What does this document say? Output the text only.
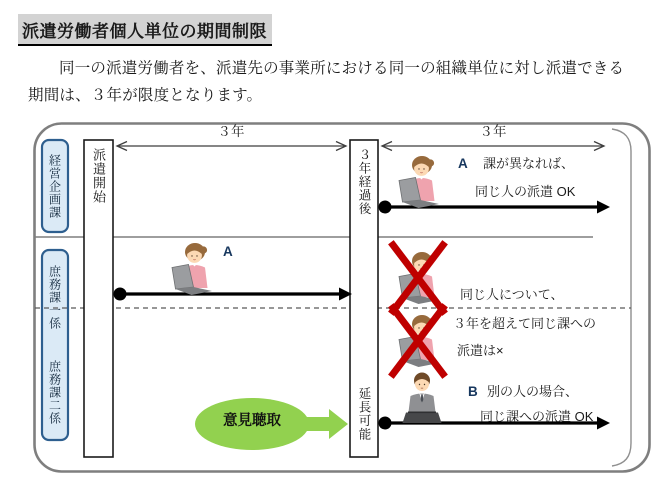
派遣労働者個人単位の期間制限
同一の派遣労働者を、派遣先の事業所における同一の組織単位に対し派遣できる期間は、３年が限度となります。
経営企画課
庶務課一係
庶務課二係
派遣開始	３年経過後
延長可能
３年	３年
A
A 課が異なれば、
同じ人の派遣 OK
同じ人について、
３年を超えて同じ課への
派遣は×
B 別の人の場合、
同じ課への派遣 OK
意見聴取
